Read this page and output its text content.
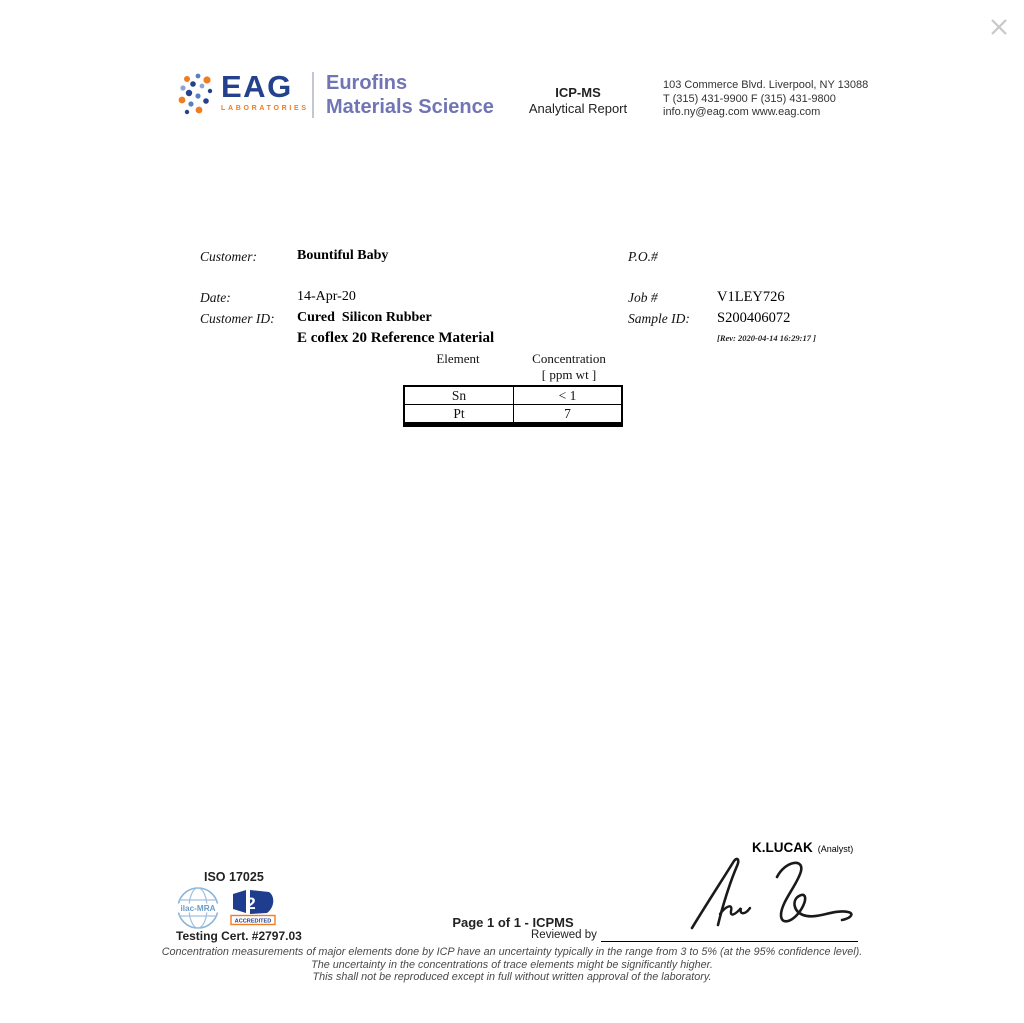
EAG
LABORATORIES
Eurofins
Materials Science
ICP-MS
Analytical Report
103 Commerce Blvd. Liverpool, NY 13088
T (315) 431-9900 F (315) 431-9800
info.ny@eag.com www.eag.com
Customer:	Bountiful Baby	P.O.#
Date:	14-Apr-20	Job #	V1LEY726
Customer ID: Cured  Silicon Rubber	Sample ID: S200406072
E coflex 20 Reference Material	[Rev: 2020-04-14 16:29:17 ]
Element	Concentration
[ ppm wt ]
Sn	< 1
Pt	7
K.LUCAK (Analyst)
ISO 17025
ilac-MRA 2
ACCREDITED
Testing Cert. #2797.03
Page 1 of 1 - ICPMS
Reviewed by
Concentration measurements of major elements done by ICP have an uncertainty typically in the range from 3 to 5% (at the 95% confidence level).
The uncertainty in the concentrations of trace elements might be significantly higher.
This shall not be reproduced except in full without written approval of the laboratory.
